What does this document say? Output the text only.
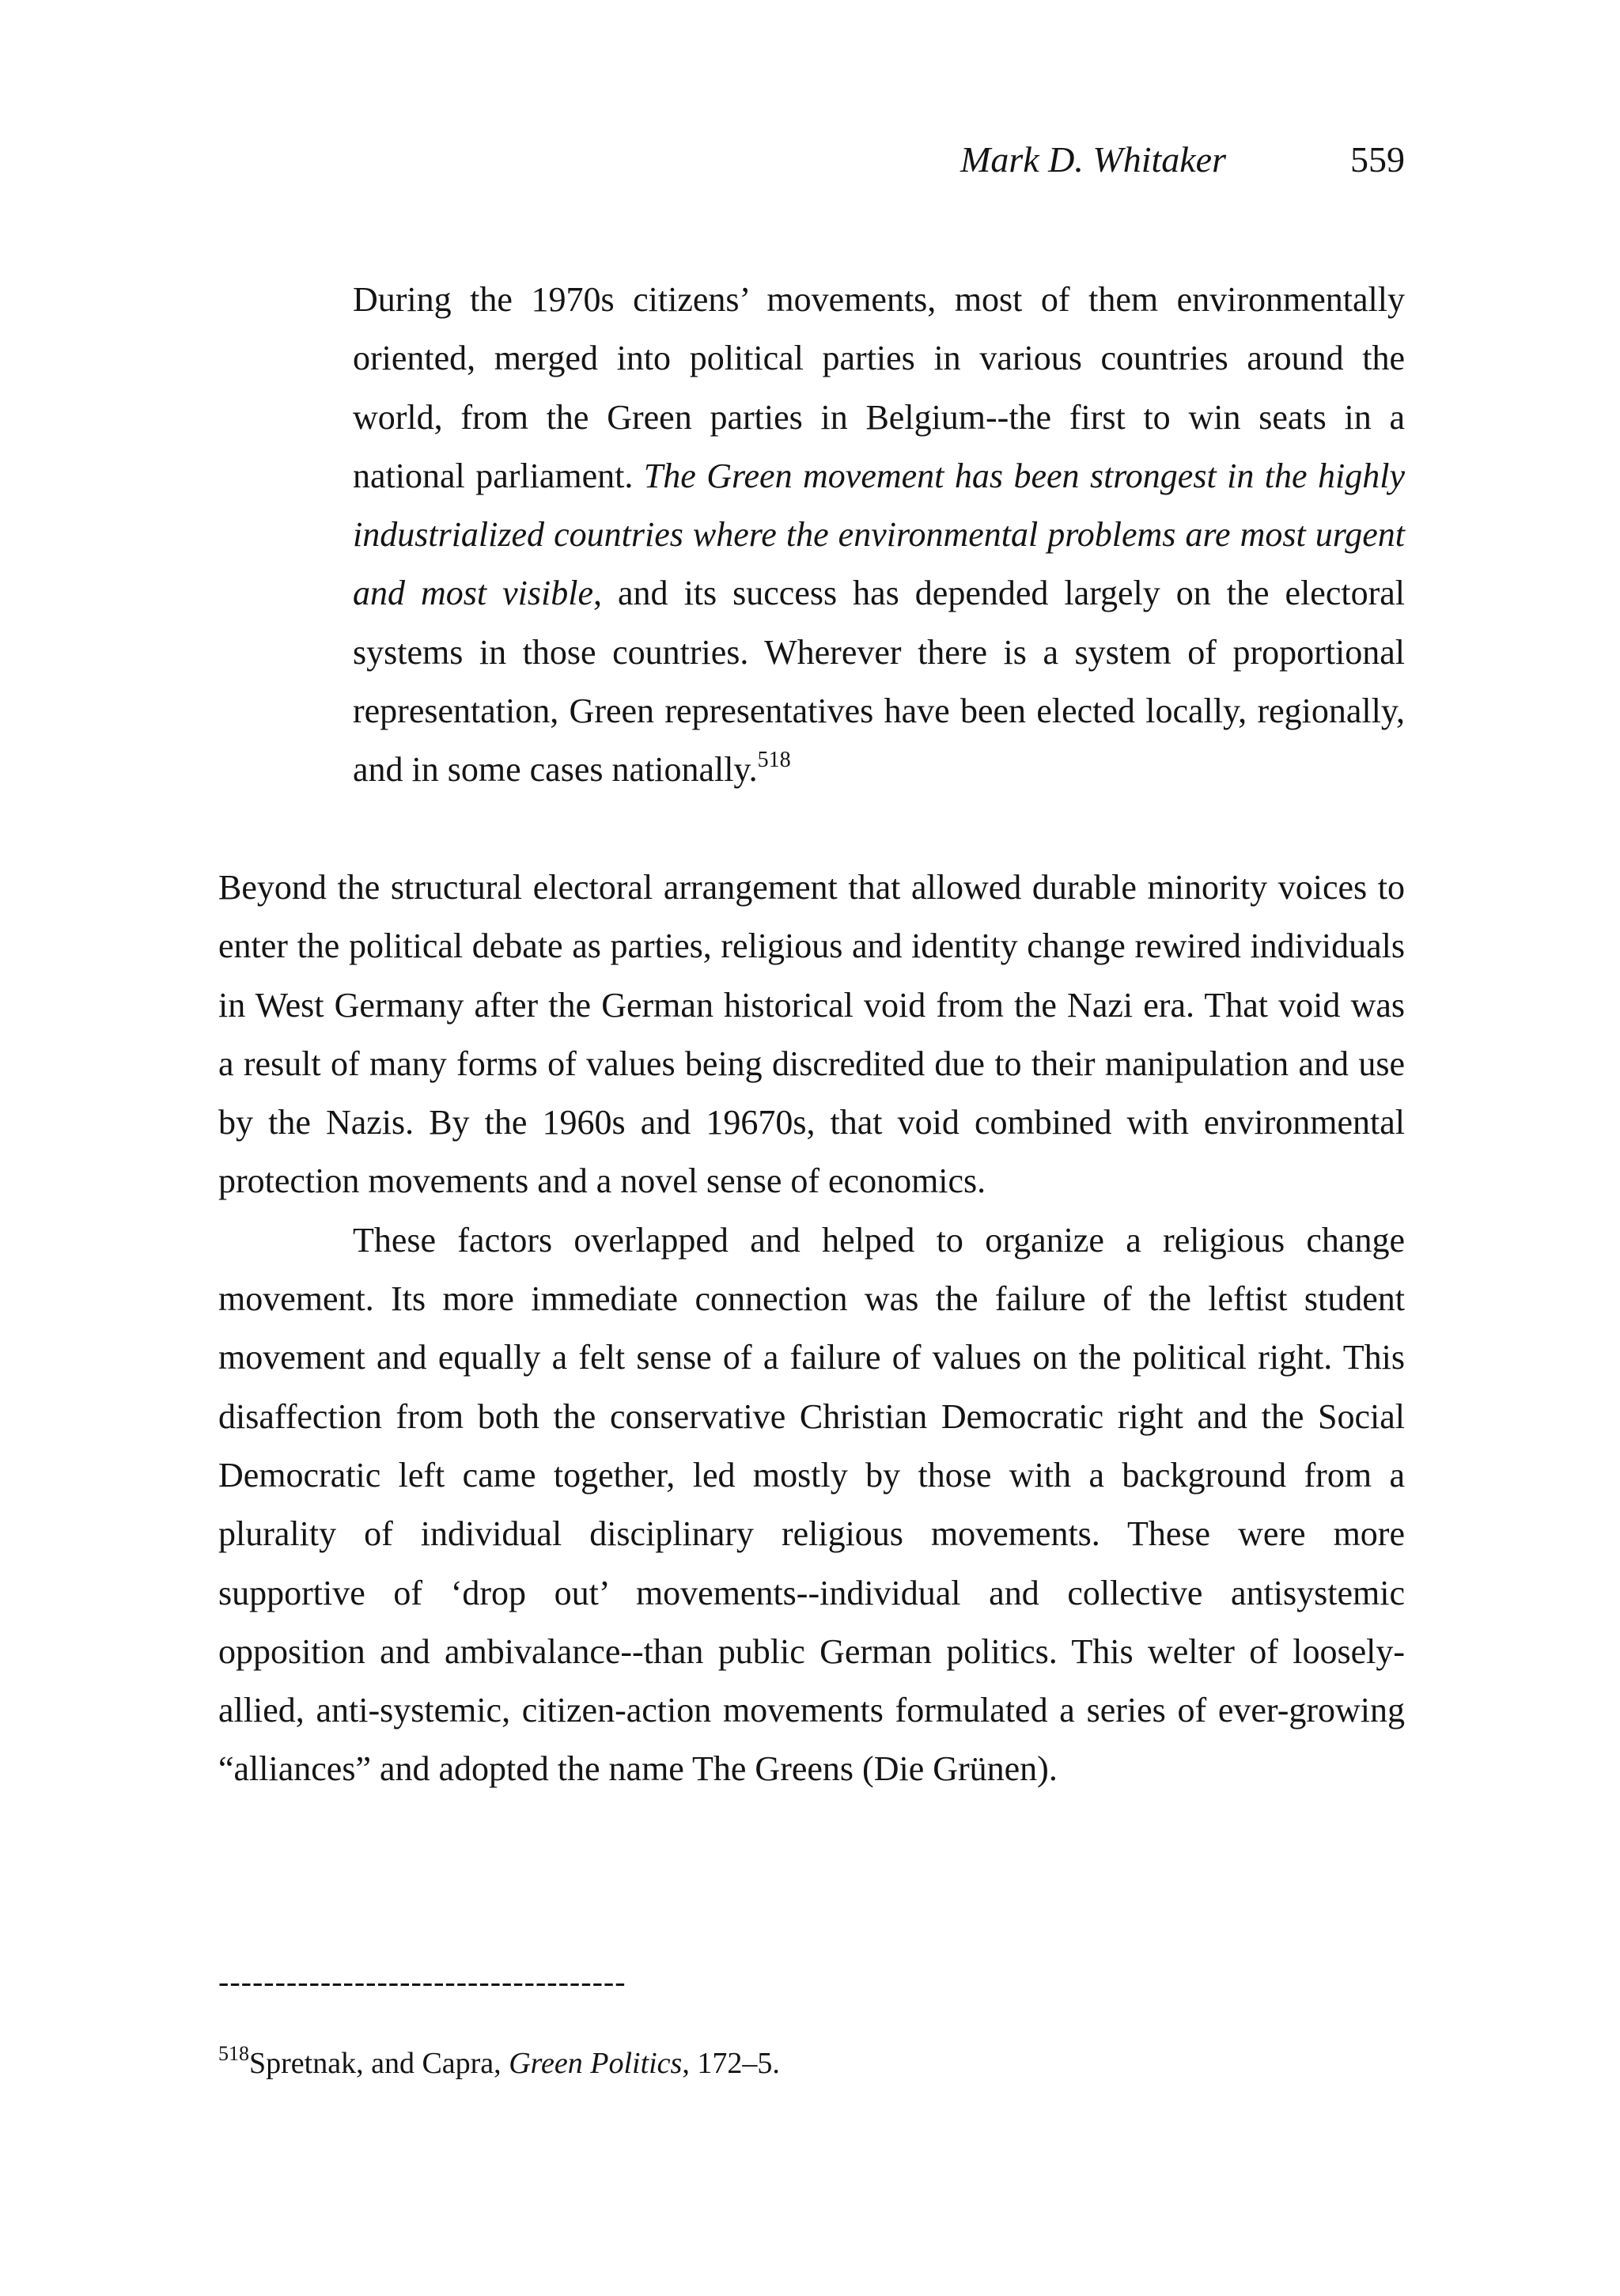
Mark D. Whitaker	559

During the 1970s citizens’ movements, most of them environmentally oriented, merged into political parties in various countries around the world, from the Green parties in Belgium--the first to win seats in a national parliament. The Green movement has been strongest in the highly industrialized countries where the environmental problems are most urgent and most visible, and its success has depended largely on the electoral systems in those countries. Wherever there is a system of proportional representation, Green representatives have been elected locally, regionally, and in some cases nationally.$^{518}$

Beyond the structural electoral arrangement that allowed durable minority voices to enter the political debate as parties, religious and identity change rewired individuals in West Germany after the German historical void from the Nazi era. That void was a result of many forms of values being discredited due to their manipulation and use by the Nazis. By the 1960s and 19670s, that void combined with environmental protection movements and a novel sense of economics.

These factors overlapped and helped to organize a religious change movement. Its more immediate connection was the failure of the leftist student movement and equally a felt sense of a failure of values on the political right. This disaffection from both the conservative Christian Democratic right and the Social Democratic left came together, led mostly by those with a background from a plurality of individual disciplinary religious movements. These were more supportive of ‘drop out’ movements--individual and collective antisystemic opposition and ambivalance--than public German politics. This welter of loosely-allied, anti-systemic, citizen-action movements formulated a series of ever-growing “alliances” and adopted the name The Greens (Die Grünen).

------------------------------------
$^{518}$Spretnak, and Capra, Green Politics, 172–5.
